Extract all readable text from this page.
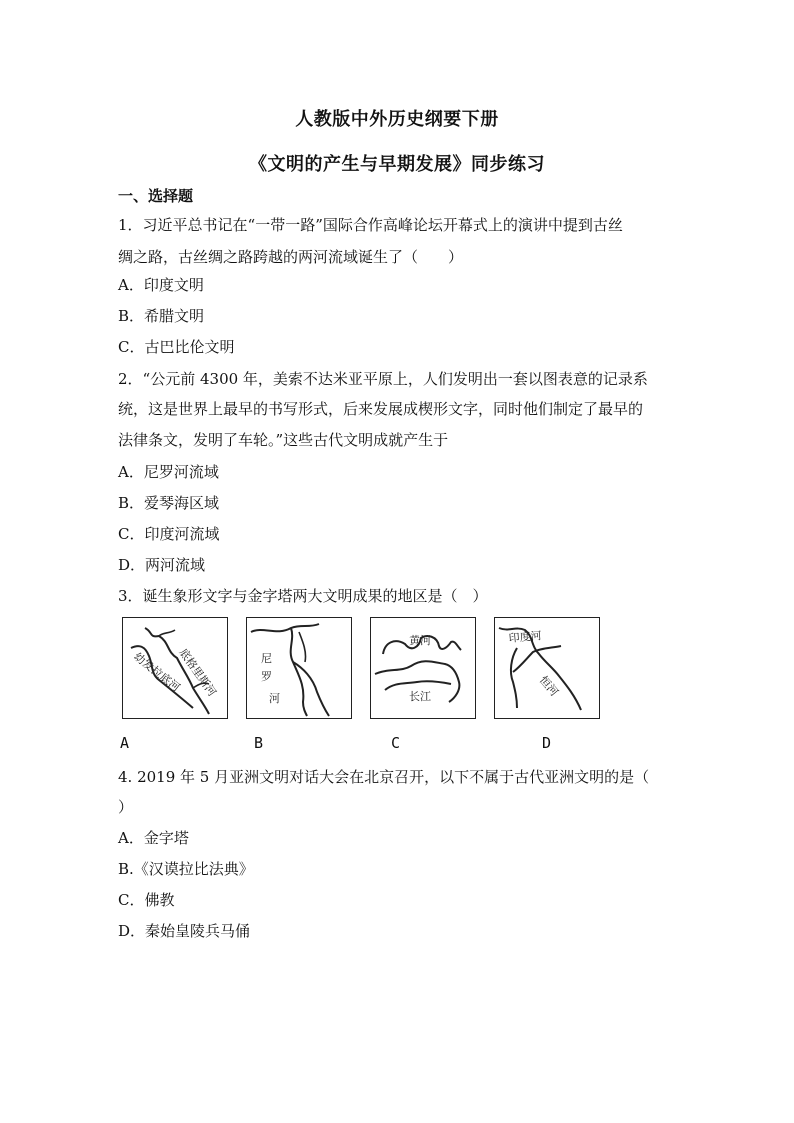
人教版中外历史纲要下册
《文明的产生与早期发展》同步练习
一、选择题
1．习近平总书记在“一带一路”国际合作高峰论坛开幕式上的演讲中提到古丝
绸之路，古丝绸之路跨越的两河流域诞生了（　　）
A．印度文明
B．希腊文明
C．古巴比伦文明
2．“公元前 4300 年，美索不达米亚平原上，人们发明出一套以图表意的记录系
统，这是世界上最早的书写形式，后来发展成楔形文字，同时他们制定了最早的
法律条文，发明了车轮。”这些古代文明成就产生于
A．尼罗河流域
B．爱琴海区域
C．印度河流域
D．两河流域
3．诞生象形文字与金字塔两大文明成果的地区是（　）
底格里斯河
幼发拉底河	尼
罗
河
黄河
长江
印度河
恒河
A	B	C	D
4. 2019 年 5 月亚洲文明对话大会在北京召开，以下不属于古代亚洲文明的是（
）
A．金字塔
B.《汉谟拉比法典》
C．佛教
D．秦始皇陵兵马俑
